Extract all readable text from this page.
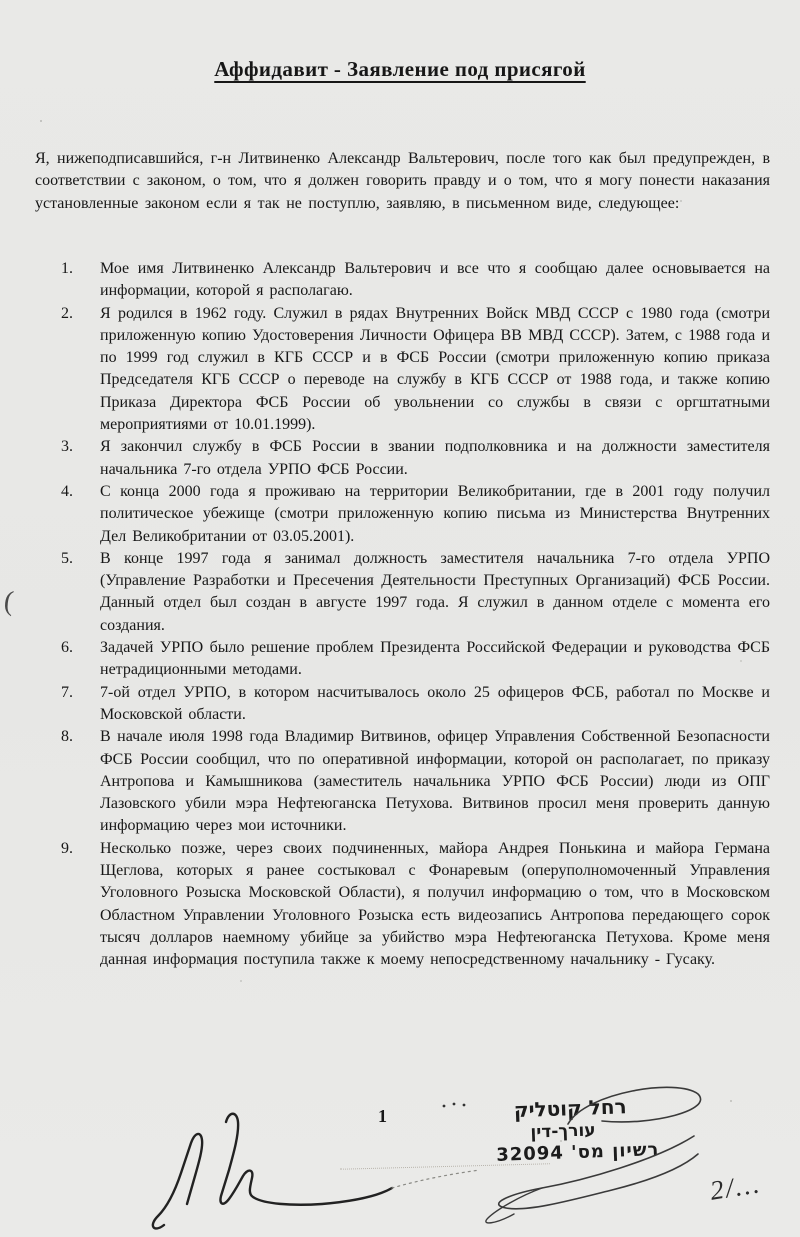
Аффидавит - Заявление под присягой

Я, нижеподписавшийся, г-н Литвиненко Александр Вальтерович, после того как был предупрежден, в соответствии с законом, о том, что я должен говорить правду и о том, что я могу понести наказания установленные законом если я так не поступлю, заявляю, в письменном виде, следующее:

1. Мое имя Литвиненко Александр Вальтерович и все что я сообщаю далее основывается на информации, которой я располагаю.
2. Я родился в 1962 году. Служил в рядах Внутренних Войск МВД СССР с 1980 года (смотри приложенную копию Удостоверения Личности Офицера ВВ МВД СССР). Затем, с 1988 года и по 1999 год служил в КГБ СССР и в ФСБ России (смотри приложенную копию приказа Председателя КГБ СССР о переводе на службу в КГБ СССР от 1988 года, и также копию Приказа Директора ФСБ России об увольнении со службы в связи с оргштатными мероприятиями от 10.01.1999).
3. Я закончил службу в ФСБ России в звании подполковника и на должности заместителя начальника 7-го отдела УРПО ФСБ России.
4. С конца 2000 года я проживаю на территории Великобритании, где в 2001 году получил политическое убежище (смотри приложенную копию письма из Министерства Внутренних Дел Великобритании от 03.05.2001).
5. В конце 1997 года я занимал должность заместителя начальника 7-го отдела УРПО (Управление Разработки и Пресечения Деятельности Преступных Организаций) ФСБ России. Данный отдел был создан в августе 1997 года. Я служил в данном отделе с момента его создания.
6. Задачей УРПО было решение проблем Президента Российской Федерации и руководства ФСБ нетрадиционными методами.
7. 7-ой отдел УРПО, в котором насчитывалось около 25 офицеров ФСБ, работал по Москве и Московской области.
8. В начале июля 1998 года Владимир Витвинов, офицер Управления Собственной Безопасности ФСБ России сообщил, что по оперативной информации, которой он располагает, по приказу Антропова и Камышникова (заместитель начальника УРПО ФСБ России) люди из ОПГ Лазовского убили мэра Нефтеюганска Петухова. Витвинов просил меня проверить данную информацию через мои источники.
9. Несколько позже, через своих подчиненных, майора Андрея Понькина и майора Германа Щеглова, которых я ранее состыковал с Фонаревым (оперуполномоченный Управления Уголовного Розыска Московской Области), я получил информацию о том, что в Московском Областном Управлении Уголовного Розыска есть видеозапись Антропова передающего сорок тысяч долларов наемному убийце за убийство мэра Нефтеюганска Петухова. Кроме меня данная информация поступила также к моему непосредственному начальнику - Гусаку.
(
1	רחל קוטליק
עורך-דין
רשיון מס' 32094
2/...
